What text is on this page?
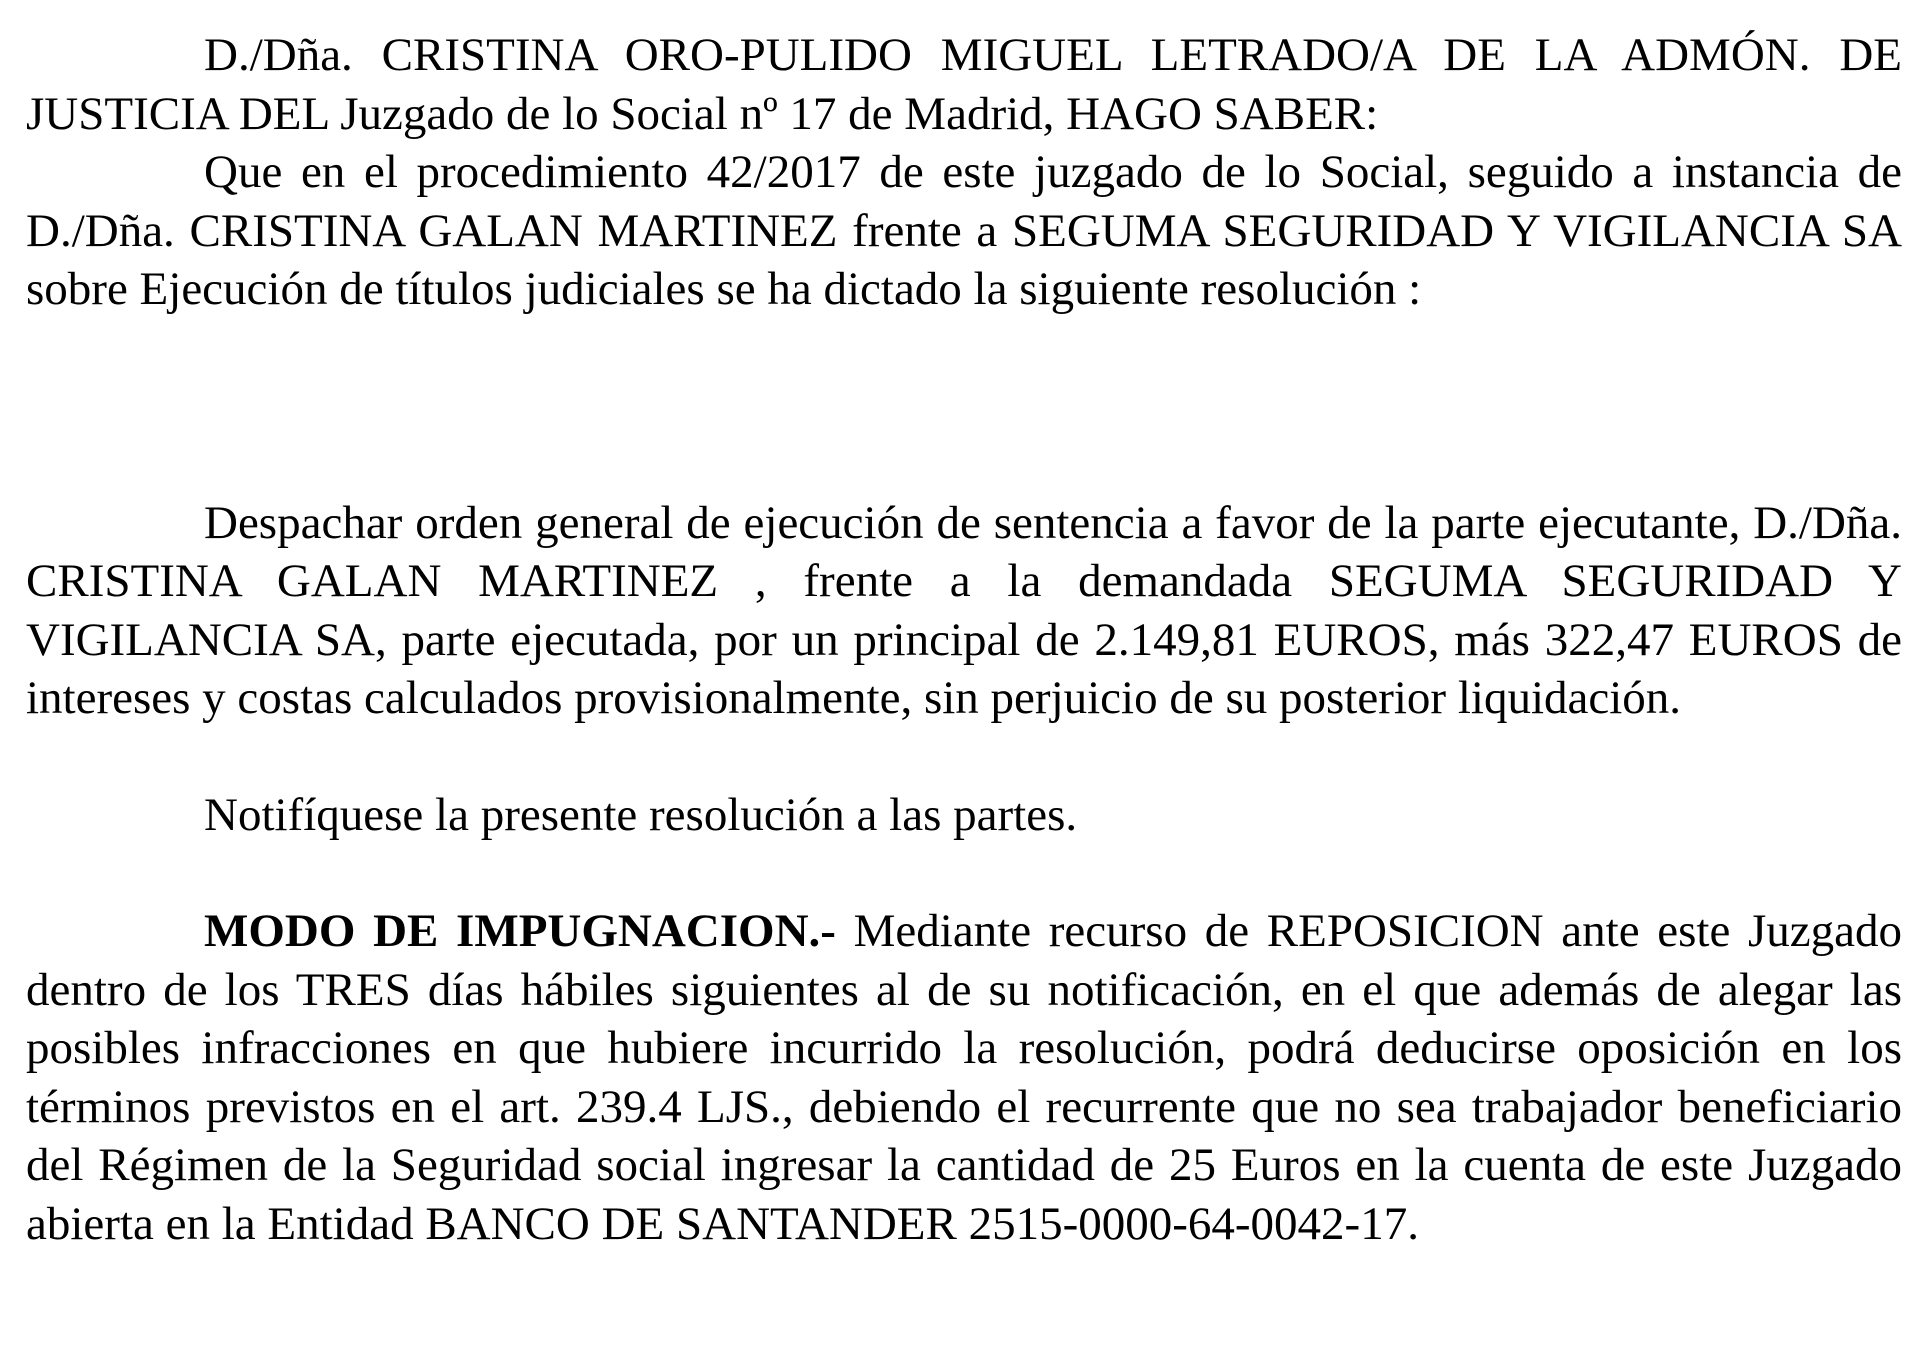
D./Dña. CRISTINA ORO-PULIDO MIGUEL LETRADO/A DE LA ADMÓN. DE JUSTICIA DEL Juzgado de lo Social nº 17 de Madrid, HAGO SABER:

Que en el procedimiento 42/2017 de este juzgado de lo Social, seguido a instancia de D./Dña. CRISTINA GALAN MARTINEZ frente a SEGUMA SEGURIDAD Y VIGILANCIA SA sobre Ejecución de títulos judiciales se ha dictado la siguiente resolución :

Despachar orden general de ejecución de sentencia a favor de la parte ejecutante, D./Dña. CRISTINA GALAN MARTINEZ , frente a la demandada SEGUMA SEGURIDAD Y VIGILANCIA SA, parte ejecutada, por un principal de 2.149,81 EUROS, más 322,47 EUROS de intereses y costas calculados provisionalmente, sin perjuicio de su posterior liquidación.

Notifíquese la presente resolución a las partes.

MODO DE IMPUGNACION.- Mediante recurso de REPOSICION ante este Juzgado dentro de los TRES días hábiles siguientes al de su notificación, en el que además de alegar las posibles infracciones en que hubiere incurrido la resolución, podrá deducirse oposición en los términos previstos en el art. 239.4 LJS., debiendo el recurrente que no sea trabajador beneficiario del Régimen de la Seguridad social ingresar la cantidad de 25 Euros en la cuenta de este Juzgado abierta en la Entidad BANCO DE SANTANDER 2515-0000-64-0042-17.
